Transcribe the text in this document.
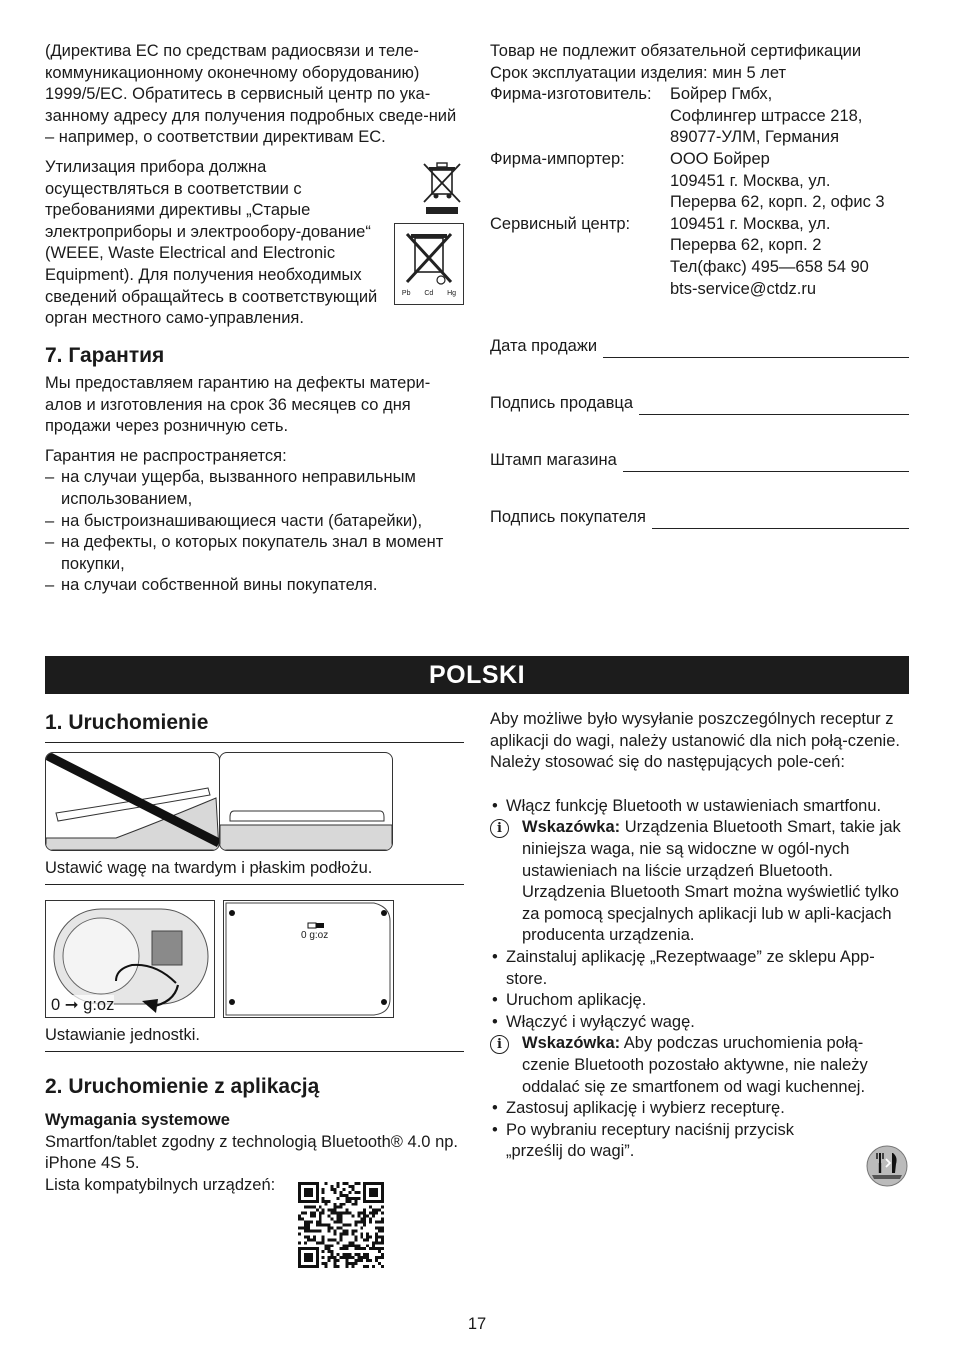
(Директива ЕС по средствам радиосвязи и теле-коммуникационному оконечному оборудованию) 1999/5/ЕС. Обратитесь в сервисный центр по ука-занному адресу для получения подробных сведе-ний – например, о соответствии директивам ЕС.

Утилизация прибора должна осуществляться в соответствии с требованиями директивы „Старые электроприборы и электрообору-дование“ (WEEE, Waste Electrical and Electronic Equipment). Для получения необходимых сведений обращайтесь в соответствующий орган местного само-управления.

Pb Cd Hg
7. Гарантия

Мы предоставляем гарантию на дефекты матери-алов и изготовления на срок 36 месяцев со дня продажи через розничную сеть.

Гарантия не распространяется:

– на случаи ущерба, вызванного неправильным использованием,
– на быстроизнашивающиеся части (батарейки),
– на дефекты, о которых покупатель знал в момент покупки,
– на случаи собственной вины покупателя.

Товар не подлежит обязательной сертификации

Срок эксплуатации изделия: мин 5 лет

Фирма-изготовитель:	Бойрер Гмбх,
Софлингер штрассе 218,
89077-УЛМ, Германия

Фирма-импортер:	ООО Бойрер
109451 г. Москва, ул.
Перерва 62, корп. 2, офис 3

Сервисный центр:	109451 г. Москва, ул.
Перерва 62, корп. 2
Тел(факс) 495—658 54 90
bts-service@ctdz.ru
Дата продажи
Подпись продавца
Штамп магазина
Подпись покупателя
POLSKI
1. Uruchomienie

Ustawić wagę na twardym i płaskim podłożu.

0 ➞ g:oz
0 g:oz

Ustawianie jednostki.

2. Uruchomienie z aplikacją

Wymagania systemowe

Smartfon/tablet zgodny z technologią Bluetooth® 4.0 np. iPhone 4S 5.

Lista kompatybilnych urządzeń:

Aby możliwe było wysyłanie poszczególnych receptur z aplikacji do wagi, należy ustanowić dla nich połą-czenie. Należy stosować się do następujących pole-ceń:

• Włącz funkcję Bluetooth w ustawieniach smartfonu.
i	Wskazówka: Urządzenia Bluetooth Smart, takie jak niniejsza waga, nie są widoczne w ogól-nych ustawieniach na liście urządzeń Bluetooth. Urządzenia Bluetooth Smart można wyświetlić tylko za pomocą specjalnych aplikacji lub w apli-kacjach producenta urządzenia.
• Zainstaluj aplikację „Rezeptwaage” ze sklepu App-store.
• Uruchom aplikację.
• Włączyć i wyłączyć wagę.
i	Wskazówka: Aby podczas uruchomienia połą-czenie Bluetooth pozostało aktywne, nie należy oddalać się ze smartfonem od wagi kuchennej.
• Zastosuj aplikację i wybierz recepturę.
• Po wybraniu receptury naciśnij przycisk „prześlij do wagi”.
17
